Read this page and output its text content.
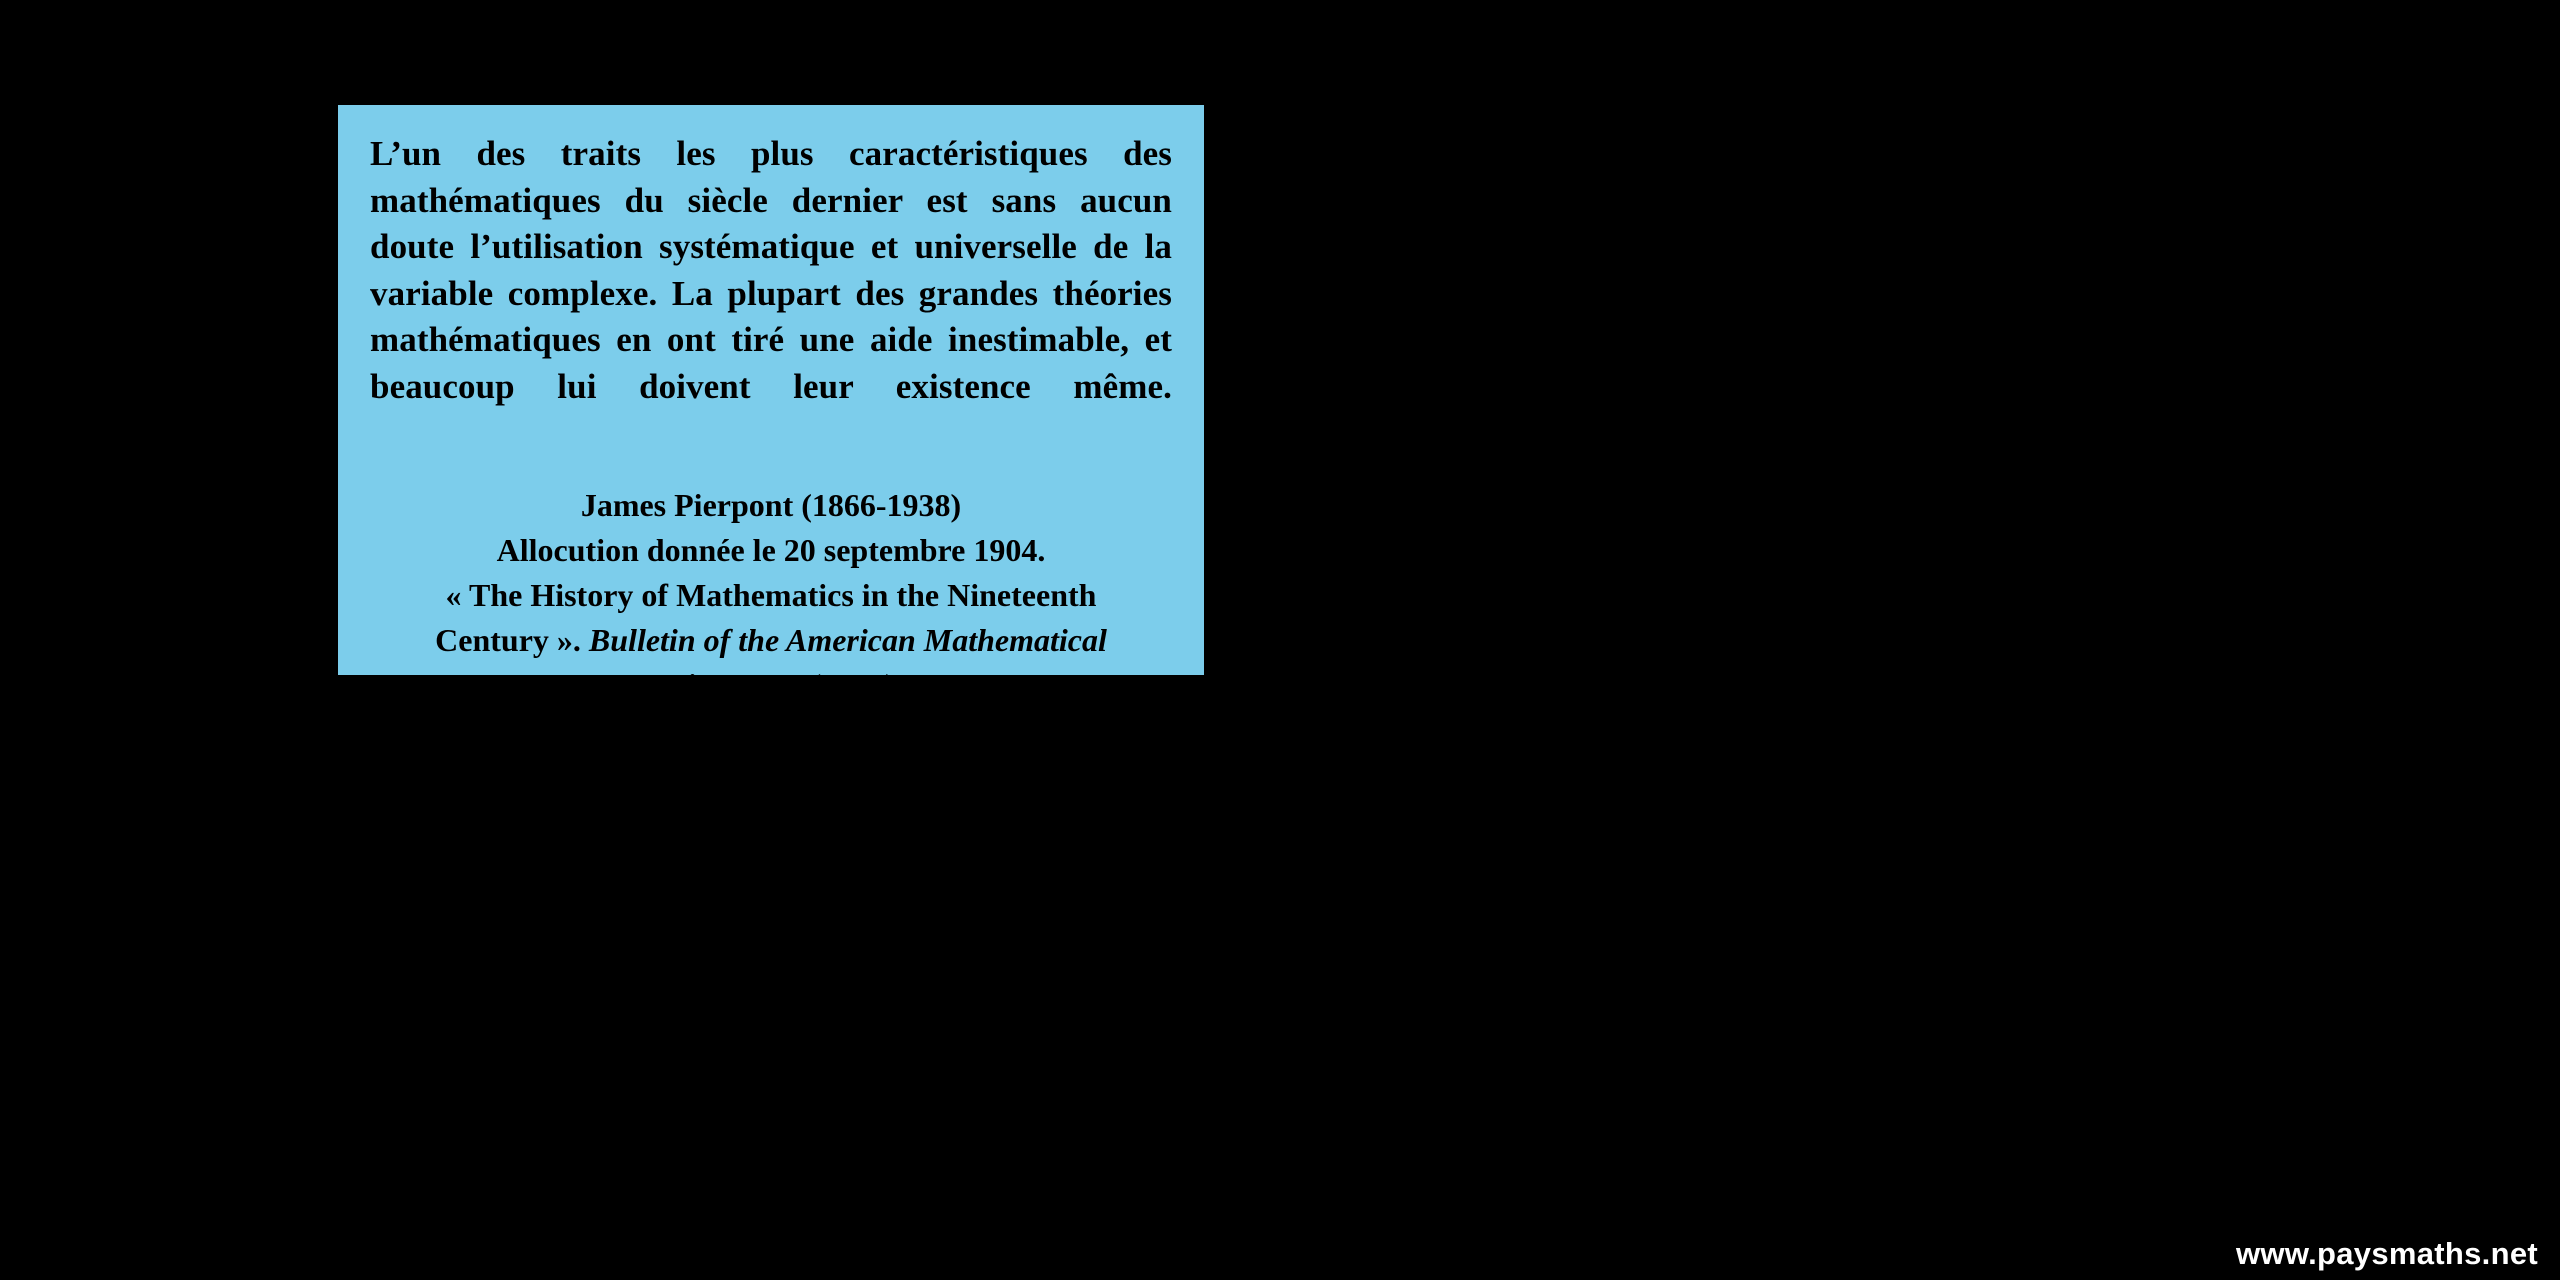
L’un des traits les plus caractéristiques des mathématiques du siècle dernier est sans aucun doute l’utilisation systématique et universelle de la variable complexe. La plupart des grandes théories mathématiques en ont tiré une aide inestimable, et beaucoup lui doivent leur existence même.

James Pierpont (1866-1938)
Allocution donnée le 20 septembre 1904.
« The History of Mathematics in the Nineteenth
Century ». Bulletin of the American Mathematical
Society, 11.3 (1904).
www.paysmaths.net
